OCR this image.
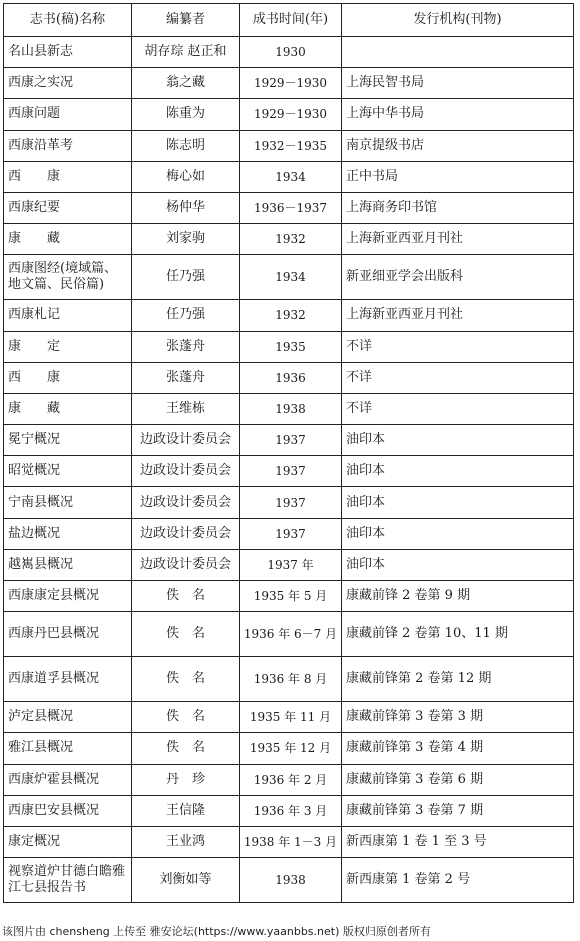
志书(稿)名称	编纂者	成书时间(年)	发行机构(刊物)
名山县新志	胡存琮 赵正和	1930	
西康之实况	翁之藏	1929－1930	上海民智书局
西康问题	陈重为	1929－1930	上海中华书局
西康沿革考	陈志明	1932－1935	南京提级书店
西　　康	梅心如	1934	正中书局
西康纪要	杨仲华	1936－1937	上海商务印书馆
康　　藏	刘家驹	1932	上海新亚西亚月刊社
西康图经(境域篇、地文篇、民俗篇)	任乃强	1934	新亚细亚学会出版科
西康札记	任乃强	1932	上海新亚西亚月刊社
康　　定	张蓬舟	1935	不详
西　　康	张蓬舟	1936	不详
康　　藏	王维栋	1938	不详
冕宁概况	边政设计委员会	1937	油印本
昭觉概况	边政设计委员会	1937	油印本
宁南县概况	边政设计委员会	1937	油印本
盐边概况	边政设计委员会	1937	油印本
越嶲县概况	边政设计委员会	1937 年	油印本
西康康定县概况	佚　名	1935 年 5 月	康藏前锋 2 卷第 9 期
西康丹巴县概况	佚　名	1936 年 6－7 月	康藏前锋 2 卷第 10、11 期
西康道孚县概况	佚　名	1936 年 8 月	康藏前锋第 2 卷第 12 期
泸定县概况	佚　名	1935 年 11 月	康藏前锋第 3 卷第 3 期
雅江县概况	佚　名	1935 年 12 月	康藏前锋第 3 卷第 4 期
西康炉霍县概况	丹　珍	1936 年 2 月	康藏前锋第 3 卷第 6 期
西康巴安县概况	王信隆	1936 年 3 月	康藏前锋第 3 卷第 7 期
康定概况	王业鸿	1938 年 1－3 月	新西康第 1 卷 1 至 3 号
视察道炉甘德白瞻雅江七县报告书	刘衡如等	1938	新西康第 1 卷第 2 号
该图片由 chensheng 上传至 雅安论坛(https://www.yaanbbs.net) 版权归原创者所有
